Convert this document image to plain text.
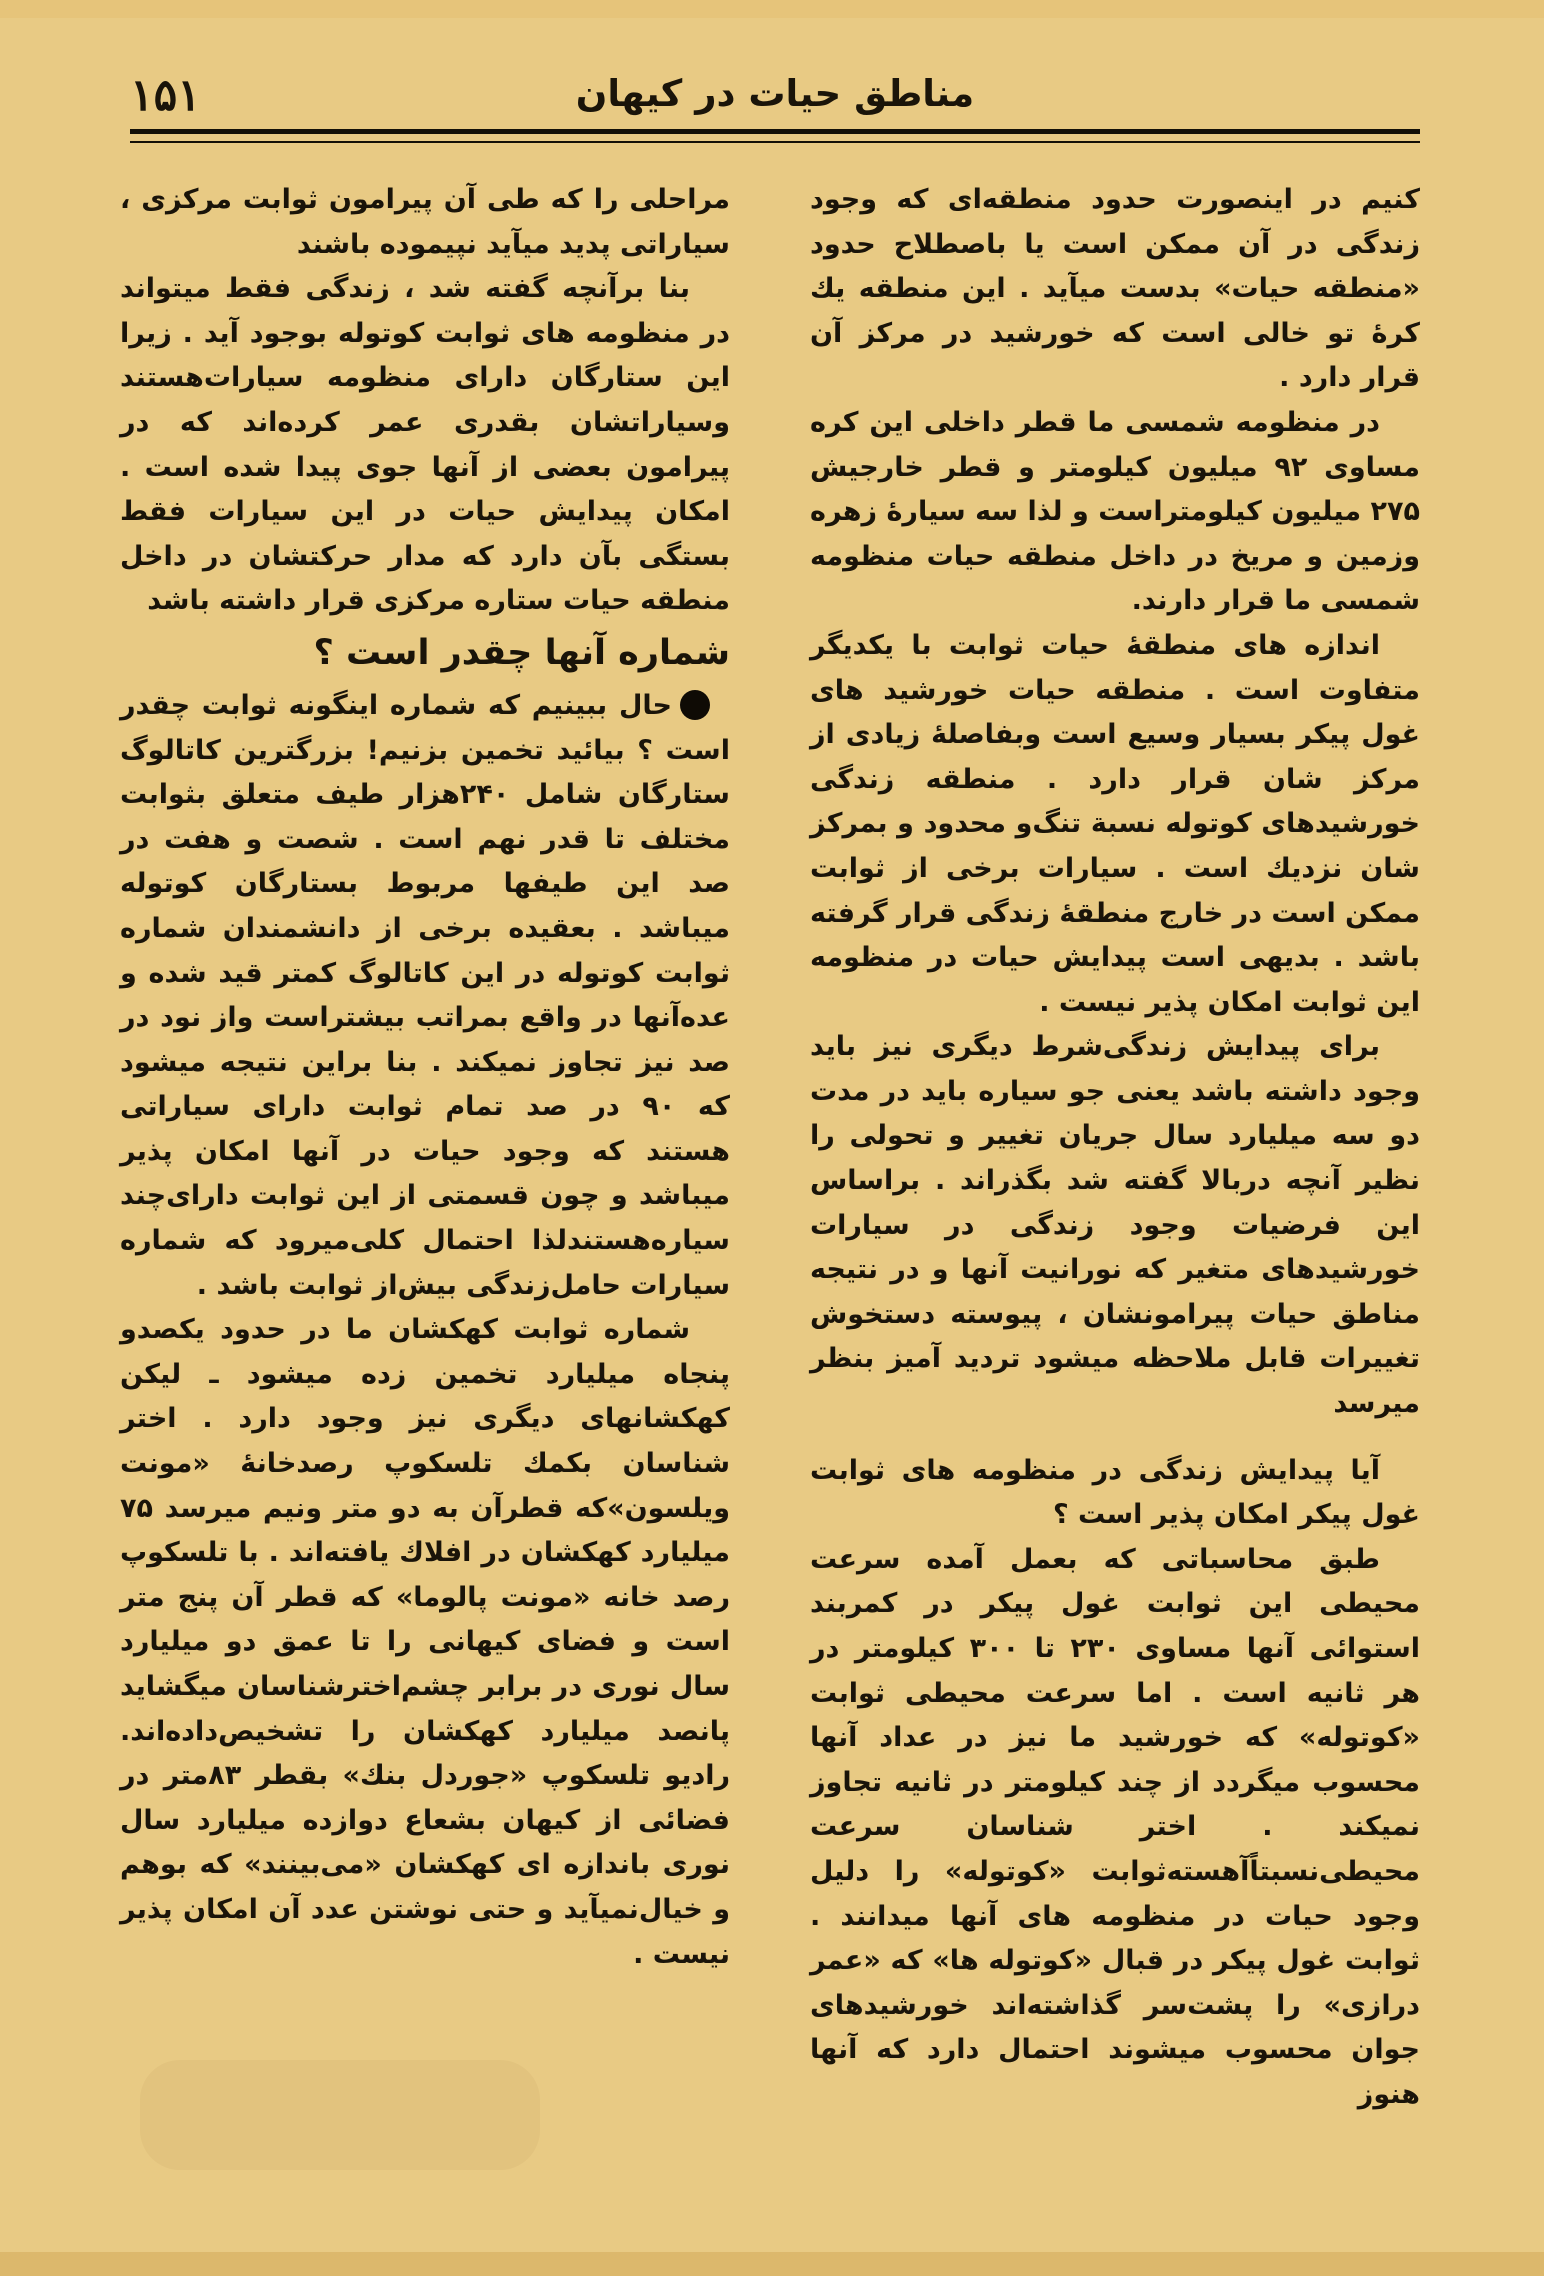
۱۵۱	مناطق حیات در کیهان

کنیم در اینصورت حدود منطقه‌ای که وجود زندگی در آن ممکن است یا باصطلاح حدود «منطقه حیات» بدست میآید . این منطقه یك کرهٔ تو خالی است که خورشید در مرکز آن قرار دارد .

در منظومه شمسی ما قطر داخلی این کره مساوی ۹۲ میلیون کیلومتر و قطر خارجیش ۲۷۵ میلیون کیلومتراست و لذا سه سیارهٔ زهره وزمین و مریخ در داخل منطقه حیات منظومه شمسی ما قرار دارند.

اندازه های منطقهٔ حیات ثوابت با یکدیگر متفاوت است . منطقه حیات خورشید های غول پیکر بسیار وسیع است وبفاصلهٔ زیادی از مرکز شان قرار دارد . منطقه زندگی خورشیدهای کوتوله نسبة تنگ‌و محدود و بمرکز شان نزدیك است . سیارات برخی از ثوابت ممکن است در خارج منطقهٔ زندگی قرار گرفته باشد . بدیهی است پیدایش حیات در منظومه این ثوابت امکان پذیر نیست .

برای پیدایش زندگی‌شرط دیگری نیز باید وجود داشته باشد یعنی جو سیاره باید در مدت دو سه میلیارد سال جریان تغییر و تحولی را نظیر آنچه دربالا گفته شد بگذراند . براساس این فرضیات وجود زندگی در سیارات خورشیدهای متغیر که نورانیت آنها و در نتیجه مناطق حیات پیرامونشان ، پیوسته دستخوش تغییرات قابل ملاحظه میشود تردید آمیز بنظر میرسد

آیا پیدایش زندگی در منظومه های ثوابت غول پیکر امکان پذیر است ؟

طبق محاسباتی که بعمل آمده سرعت محیطی این ثوابت غول پیکر در کمربند استوائی آنها مساوی ۲۳۰ تا ۳۰۰ کیلومتر در هر ثانیه است . اما سرعت محیطی ثوابت «کوتوله» که خورشید ما نیز در عداد آنها محسوب میگردد از چند کیلومتر در ثانیه تجاوز نمیکند . اختر شناسان سرعت محیطی‌نسبتاً‌آهسته‌ثوابت «کوتوله» را دلیل وجود حیات در منظومه های آنها میدانند . ثوابت غول پیکر در قبال «کوتوله ها» که «عمر درازی» را پشت‌سر گذاشته‌اند خورشیدهای جوان محسوب میشوند احتمال دارد که آنها هنوز

مراحلی را که طی آن پیرامون ثوابت مرکزی ، سیاراتی پدید میآید نپیموده باشند

بنا برآنچه گفته شد ، زندگی فقط میتواند در منظومه های ثوابت کوتوله بوجود آید . زیرا این ستارگان دارای منظومه سیارات‌هستند وسیاراتشان بقدری عمر کرده‌اند که در پیرامون بعضی از آنها جوی پیدا شده است . امکان پیدایش حیات در این سیارات فقط بستگی بآن دارد که مدار حرکتشان در داخل منطقه حیات ستاره مرکزی قرار داشته باشد

شماره آنها چقدر است ؟

حال ببینیم که شماره اینگونه ثوابت چقدر است ؟ بیائید تخمین بزنیم! بزرگترین کاتالوگ ستارگان شامل ۲۴۰هزار طیف متعلق بثوابت مختلف تا قدر نهم است . شصت و هفت در صد این طیفها مربوط بستارگان کوتوله میباشد . بعقیده برخی از دانشمندان شماره ثوابت کوتوله در این کاتالوگ کمتر قید شده و عده‌آنها در واقع بمراتب بیشتراست واز نود در صد نیز تجاوز نمیکند . بنا براین نتیجه میشود که ۹۰ در صد تمام ثوابت دارای سیاراتی هستند که وجود حیات در آنها امکان پذیر میباشد و چون قسمتی از این ثوابت دارای‌چند سیاره‌هستندلذا احتمال کلی‌میرود که شماره سیارات حامل‌زندگی بیش‌از ثوابت باشد .

شماره ثوابت کهکشان ما در حدود یکصدو پنجاه میلیارد تخمین زده میشود ـ لیکن کهکشانهای دیگری نیز وجود دارد . اختر شناسان بکمك تلسکوپ رصدخانهٔ «مونت ویلسون»که قطرآن به دو متر ونیم میرسد ۷۵ میلیارد کهکشان در افلاك یافته‌اند . با تلسکوپ رصد خانه «مونت پالوما» که قطر آن پنج متر است و فضای کیهانی را تا عمق دو میلیارد سال نوری در برابر چشم‌اخترشناسان میگشاید پانصد میلیارد کهکشان را تشخیص‌داده‌اند. رادیو تلسکوپ «جوردل بنك» بقطر ۸۳متر در فضائی از کیهان بشعاع دوازده میلیارد سال نوری باندازه ای کهکشان «می‌بینند» که بوهم و خیال‌نمیآید و حتی نوشتن عدد آن امکان پذیر نیست .
